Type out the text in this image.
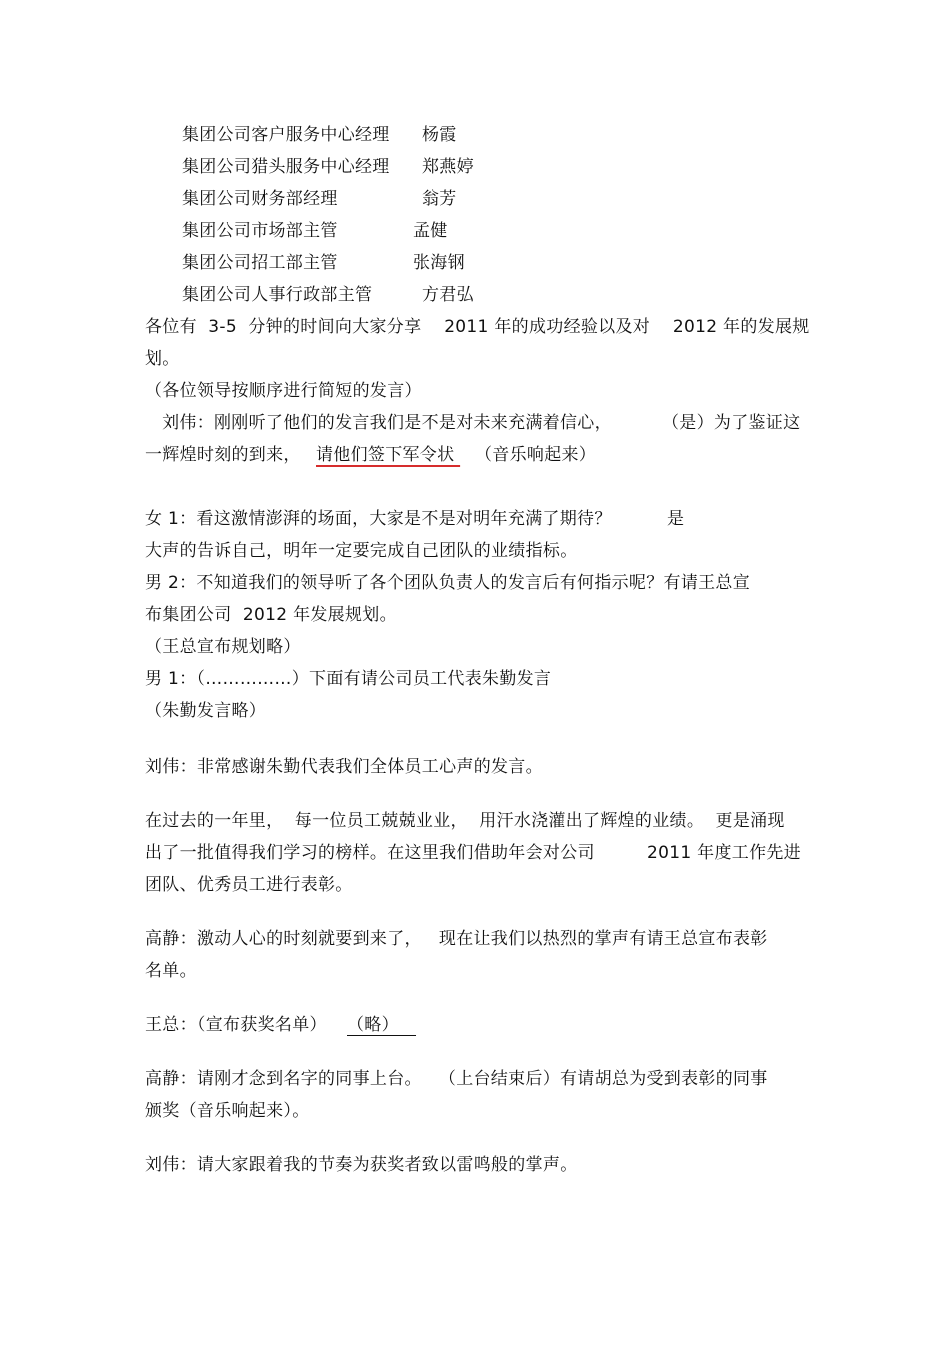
集团公司客户服务中心经理 杨霞
集团公司猎头服务中心经理 郑燕婷
集团公司财务部经理	翁芳
集团公司市场部主管	孟健
集团公司招工部主管	张海钢
集团公司人事行政部主管	方君弘
各位有  3-5  分钟的时间向大家分享    2011 年的成功经验以及对    2012 年的发展规
划。
（各位领导按顺序进行简短的发言）
刘伟：刚刚听了他们的发言我们是不是对未来充满着信心，	（是）为了鉴证这
一辉煌时刻的到来， 请他们签下军令状 （音乐响起来）
女 1：看这激情澎湃的场面，大家是不是对明年充满了期待？	是
大声的告诉自己，明年一定要完成自己团队的业绩指标。
男 2：不知道我们的领导听了各个团队负责人的发言后有何指示呢？有请王总宣
布集团公司  2012 年发展规划。
（王总宣布规划略）
男 1：（……………）下面有请公司员工代表朱勤发言
（朱勤发言略）
刘伟：非常感谢朱勤代表我们全体员工心声的发言。
在过去的一年里，  每一位员工兢兢业业，  用汗水浇灌出了辉煌的业绩。  更是涌现
出了一批值得我们学习的榜样。在这里我们借助年会对公司	2011 年度工作先进
团队、优秀员工进行表彰。
高静：激动人心的时刻就要到来了，   现在让我们以热烈的掌声有请王总宣布表彰
名单。
王总：（宣布获奖名单） （略）
高静：请刚才念到名字的同事上台。   （上台结束后）有请胡总为受到表彰的同事
颁奖（音乐响起来）。
刘伟：请大家跟着我的节奏为获奖者致以雷鸣般的掌声。
